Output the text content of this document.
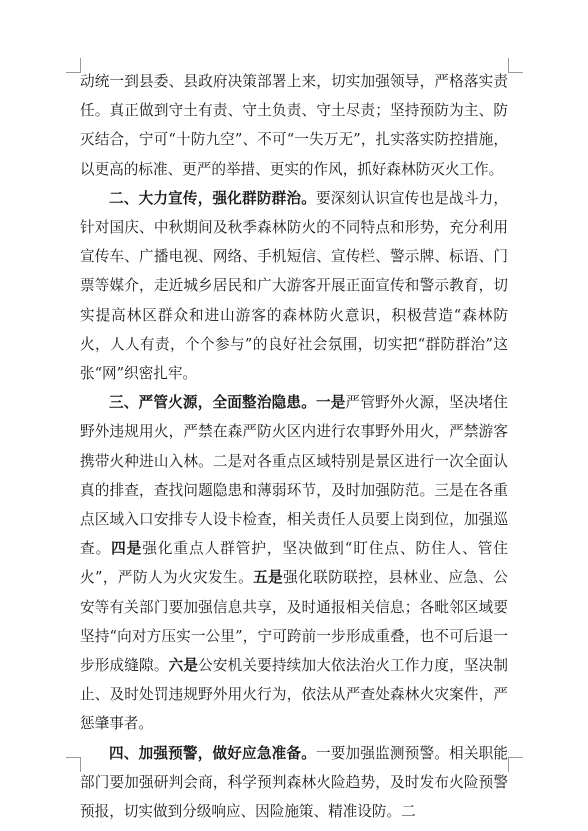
动统一到县委、县政府决策部署上来，切实加强领导，严格落实责任。真正做到守土有责、守土负责、守土尽责；坚持预防为主、防灭结合，宁可“十防九空”、不可“一失万无”，扎实落实防控措施，以更高的标准、更严的举措、更实的作风，抓好森林防灭火工作。

二、大力宣传，强化群防群治。要深刻认识宣传也是战斗力，针对国庆、中秋期间及秋季森林防火的不同特点和形势，充分利用宣传车、广播电视、网络、手机短信、宣传栏、警示牌、标语、门票等媒介，走近城乡居民和广大游客开展正面宣传和警示教育，切实提高林区群众和进山游客的森林防火意识，积极营造“森林防火，人人有责，个个参与”的良好社会氛围，切实把“群防群治”这张“网”织密扎牢。

三、严管火源，全面整治隐患。一是严管野外火源，坚决堵住野外违规用火，严禁在森严防火区内进行农事野外用火，严禁游客携带火种进山入林。二是对各重点区域特别是景区进行一次全面认真的排查，查找问题隐患和薄弱环节，及时加强防范。三是在各重点区域入口安排专人设卡检查，相关责任人员要上岗到位，加强巡查。四是强化重点人群管护，坚决做到“盯住点、防住人、管住火”，严防人为火灾发生。五是强化联防联控，县林业、应急、公安等有关部门要加强信息共享，及时通报相关信息；各毗邻区域要坚持“向对方压实一公里”，宁可跨前一步形成重叠，也不可后退一步形成缝隙。六是公安机关要持续加大依法治火工作力度，坚决制止、及时处罚违规野外用火行为，依法从严查处森林火灾案件，严惩肇事者。

四、加强预警，做好应急准备。一要加强监测预警。相关职能部门要加强研判会商，科学预判森林火险趋势，及时发布火险预警预报，切实做到分级响应、因险施策、精准设防。二
